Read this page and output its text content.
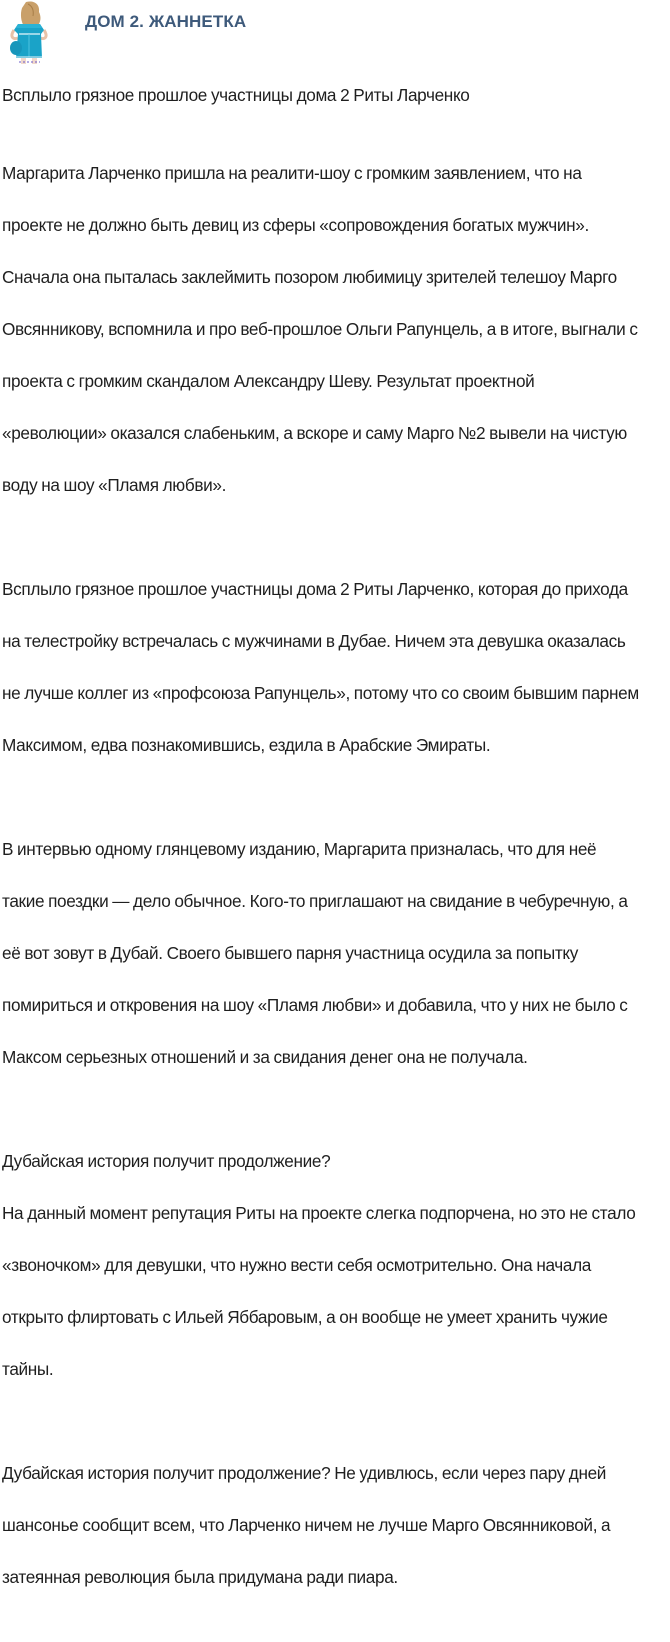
ДОМ 2. ЖАННЕТКА

Всплыло грязное прошлое участницы дома 2 Риты Ларченко

Маргарита Ларченко пришла на реалити-шоу с громким заявлением, что на

проекте не должно быть девиц из сферы «сопровождения богатых мужчин».

Сначала она пыталась заклеймить позором любимицу зрителей телешоу Марго

Овсянникову, вспомнила и про веб-прошлое Ольги Рапунцель, а в итоге, выгнали с

проекта с громким скандалом Александру Шеву. Результат проектной

«революции» оказался слабеньким, а вскоре и саму Марго №2 вывели на чистую

воду на шоу «Пламя любви».

Всплыло грязное прошлое участницы дома 2 Риты Ларченко, которая до прихода

на телестройку встречалась с мужчинами в Дубае. Ничем эта девушка оказалась

не лучше коллег из «профсоюза Рапунцель», потому что со своим бывшим парнем

Максимом, едва познакомившись, ездила в Арабские Эмираты.

В интервью одному глянцевому изданию, Маргарита призналась, что для неё

такие поездки — дело обычное. Кого-то приглашают на свидание в чебуречную, а

её вот зовут в Дубай. Своего бывшего парня участница осудила за попытку

помириться и откровения на шоу «Пламя любви» и добавила, что у них не было с

Максом серьезных отношений и за свидания денег она не получала.

Дубайская история получит продолжение?

На данный момент репутация Риты на проекте слегка подпорчена, но это не стало

«звоночком» для девушки, что нужно вести себя осмотрительно. Она начала

открыто флиртовать с Ильей Яббаровым, а он вообще не умеет хранить чужие

тайны.

Дубайская история получит продолжение? Не удивлюсь, если через пару дней

шансонье сообщит всем, что Ларченко ничем не лучше Марго Овсянниковой, а

затеянная революция была придумана ради пиара.
